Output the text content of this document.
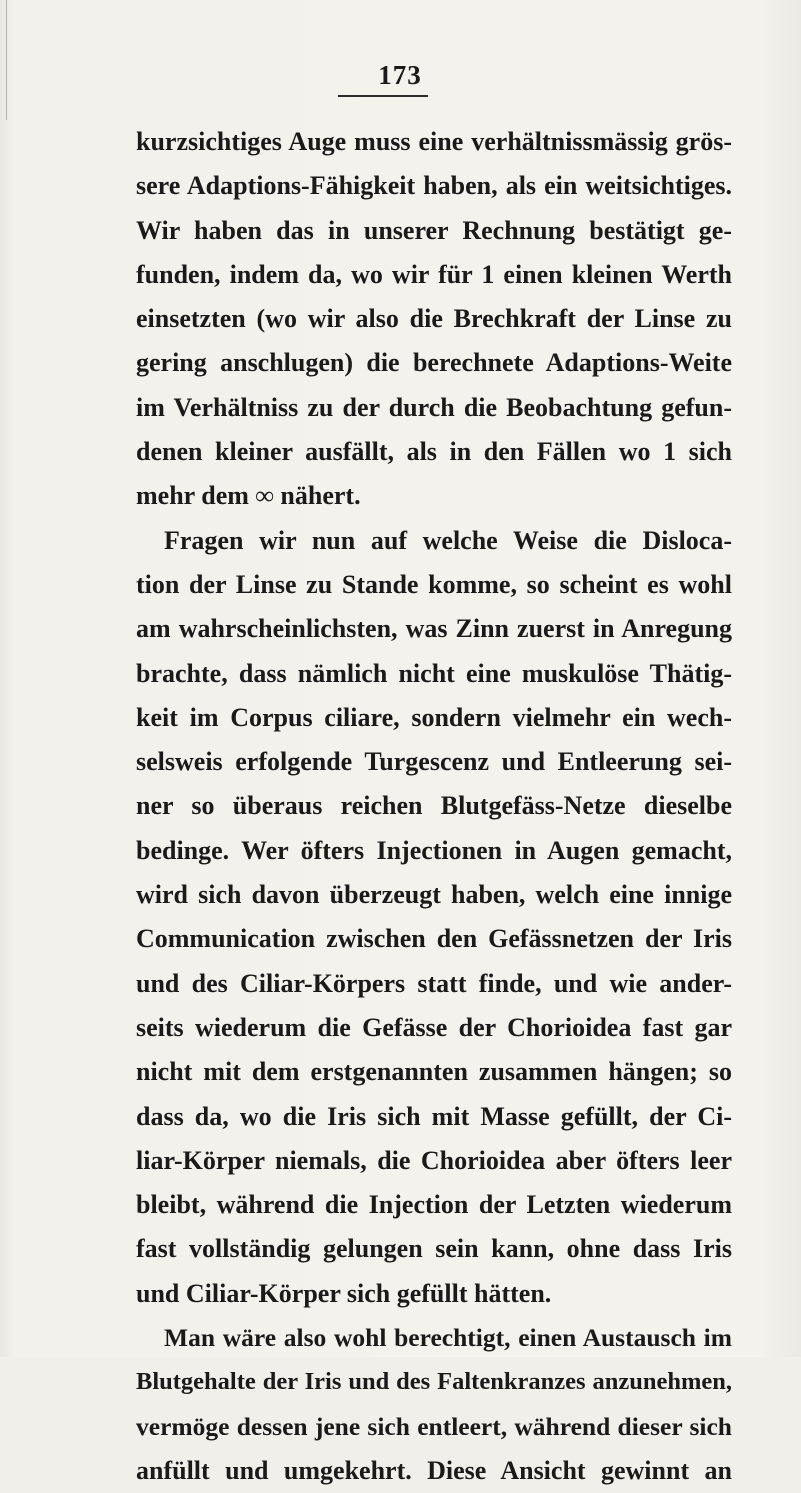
173
kurzsichtiges Auge muss eine verhältnissmässig grös-
sere Adaptions-Fähigkeit haben, als ein weitsichtiges.
Wir haben das in unserer Rechnung bestätigt ge-
funden, indem da, wo wir für 1 einen kleinen Werth
einsetzten (wo wir also die Brechkraft der Linse zu
gering anschlugen) die berechnete Adaptions-Weite
im Verhältniss zu der durch die Beobachtung gefun-
denen kleiner ausfällt, als in den Fällen wo 1 sich
mehr dem ∞ nähert.
Fragen wir nun auf welche Weise die Disloca-
tion der Linse zu Stande komme, so scheint es wohl
am wahrscheinlichsten, was Zinn zuerst in Anregung
brachte, dass nämlich nicht eine muskulöse Thätig-
keit im Corpus ciliare, sondern vielmehr ein wech-
selsweis erfolgende Turgescenz und Entleerung sei-
ner so überaus reichen Blutgefäss-Netze dieselbe
bedinge. Wer öfters Injectionen in Augen gemacht,
wird sich davon überzeugt haben, welch eine innige
Communication zwischen den Gefässnetzen der Iris
und des Ciliar-Körpers statt finde, und wie ander-
seits wiederum die Gefässe der Chorioidea fast gar
nicht mit dem erstgenannten zusammen hängen; so
dass da, wo die Iris sich mit Masse gefüllt, der Ci-
liar-Körper niemals, die Chorioidea aber öfters leer
bleibt, während die Injection der Letzten wiederum
fast vollständig gelungen sein kann, ohne dass Iris
und Ciliar-Körper sich gefüllt hätten.
Man wäre also wohl berechtigt, einen Austausch im
Blutgehalte der Iris und des Faltenkranzes anzunehmen,
vermöge dessen jene sich entleert, während dieser sich
anfüllt und umgekehrt. Diese Ansicht gewinnt an
